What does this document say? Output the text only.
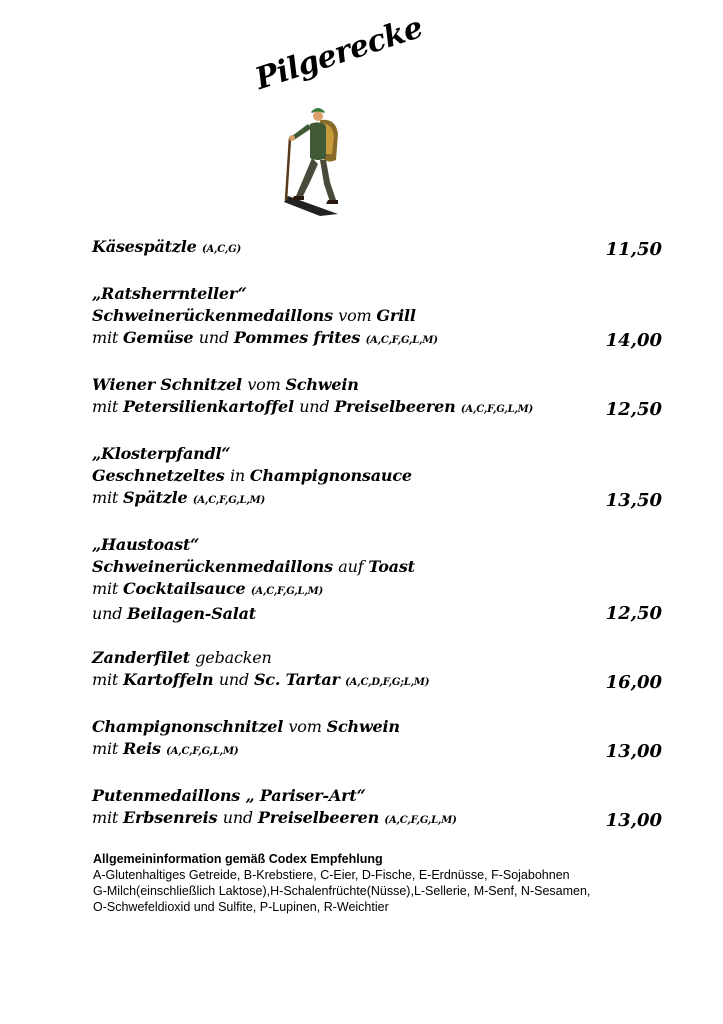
Pilgerecke
Käsespätzle (A,C,G)	11,50
„Ratsherrnteller“
Schweinerückenmedaillons vom Grill
mit Gemüse und Pommes frites (A,C,F,G,L,M)	14,00
Wiener Schnitzel vom Schwein
mit Petersilienkartoffel und Preiselbeeren (A,C,F,G,L,M)	12,50
„Klosterpfandl“
Geschnetzeltes in Champignonsauce
mit Spätzle (A,C,F,G,L,M)	13,50
„Haustoast“
Schweinerückenmedaillons auf Toast
mit Cocktailsauce (A,C,F,G,L,M)
und Beilagen-Salat	12,50
Zanderfilet gebacken
mit Kartoffeln und Sc. Tartar (A,C,D,F,G;L,M)	16,00
Champignonschnitzel vom Schwein
mit Reis (A,C,F,G,L,M)	13,00
Putenmedaillons „ Pariser-Art“
mit Erbsenreis und Preiselbeeren (A,C,F,G,L,M)	13,00
Allgemeininformation gemäß Codex Empfehlung
A-Glutenhaltiges Getreide, B-Krebstiere, C-Eier, D-Fische, E-Erdnüsse, F-Sojabohnen
G-Milch(einschließlich Laktose),H-Schalenfrüchte(Nüsse),L-Sellerie, M-Senf, N-Sesamen,
O-Schwefeldioxid und Sulfite, P-Lupinen, R-Weichtier
